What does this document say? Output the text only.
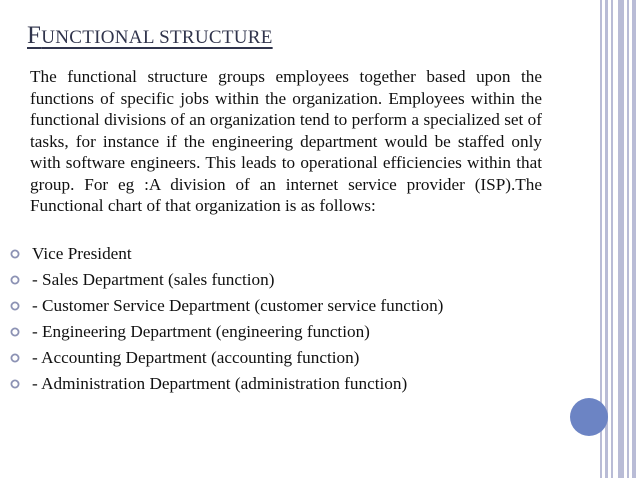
FUNCTIONAL STRUCTURE
The functional structure groups employees together based upon the functions of specific jobs within the organization. Employees within the functional divisions of an organization tend to perform a specialized set of tasks, for instance if the engineering department would be staffed only with software engineers. This leads to operational efficiencies within that group. For eg :A division of an internet service provider (ISP).The Functional chart of that organization is as follows:
Vice President
- Sales Department (sales function)
- Customer Service Department (customer service function)
- Engineering Department (engineering function)
- Accounting Department (accounting function)
- Administration Department (administration function)
